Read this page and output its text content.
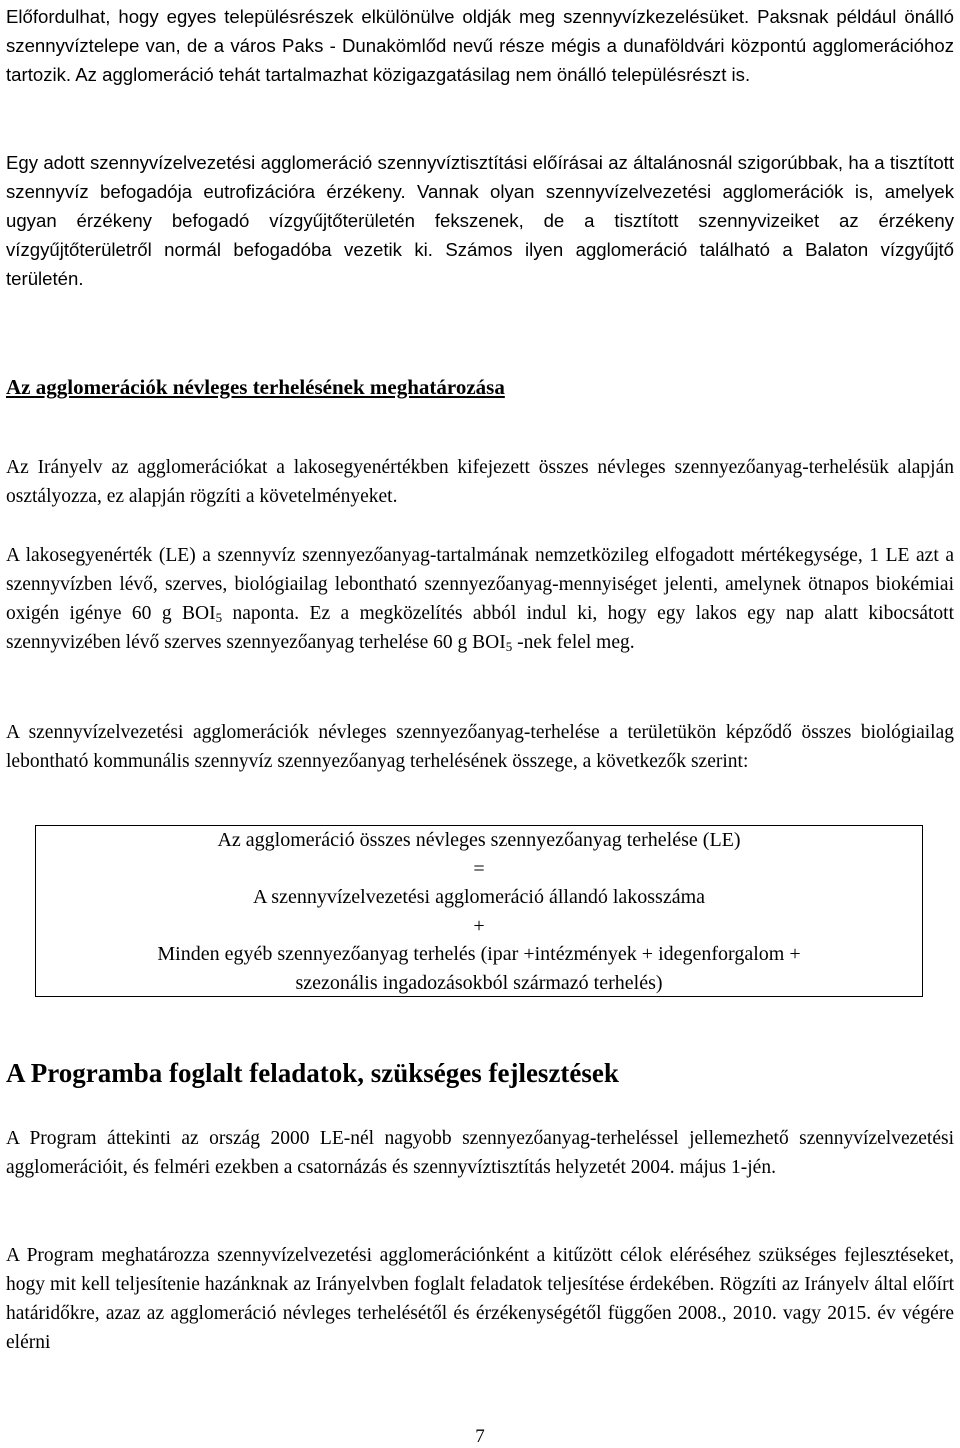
Előfordulhat, hogy egyes településrészek elkülönülve oldják meg szennyvízkezelésüket. Paksnak például önálló szennyvíztelepe van, de a város Paks - Dunakömlőd nevű része mégis a dunaföldvári központú agglomerációhoz tartozik. Az agglomeráció tehát tartalmazhat közigazgatásilag nem önálló településrészt is.

Egy adott szennyvízelvezetési agglomeráció szennyvíztisztítási előírásai az általánosnál szigorúbbak, ha a tisztított szennyvíz befogadója eutrofizációra érzékeny. Vannak olyan szennyvízelvezetési agglomerációk is, amelyek ugyan érzékeny befogadó vízgyűjtőterületén fekszenek, de a tisztított szennyvizeiket az érzékeny vízgyűjtőterületről normál befogadóba vezetik ki. Számos ilyen agglomeráció található a Balaton vízgyűjtő területén.

Az agglomerációk névleges terhelésének meghatározása

Az Irányelv az agglomerációkat a lakosegyenértékben kifejezett összes névleges szennyezőanyag-terhelésük alapján osztályozza, ez alapján rögzíti a követelményeket.

A lakosegyenérték (LE) a szennyvíz szennyezőanyag-tartalmának nemzetközileg elfogadott mértékegysége, 1 LE azt a szennyvízben lévő, szerves, biológiailag lebontható szennyezőanyag-mennyiséget jelenti, amelynek ötnapos biokémiai oxigén igénye 60 g $BOI_5$ naponta. Ez a megközelítés abból indul ki, hogy egy lakos egy nap alatt kibocsátott szennyvizében lévő szerves szennyezőanyag terhelése 60 g $BOI_5$ -nek felel meg.

A szennyvízelvezetési agglomerációk névleges szennyezőanyag-terhelése a területükön képződő összes biológiailag lebontható kommunális szennyvíz szennyezőanyag terhelésének összege, a következők szerint:

Az agglomeráció összes névleges szennyezőanyag terhelése (LE)
=
A szennyvízelvezetési agglomeráció állandó lakosszáma
+
Minden egyéb szennyezőanyag terhelés (ipar +intézmények + idegenforgalom +
szezonális ingadozásokból származó terhelés)
A Programba foglalt feladatok, szükséges fejlesztések

A Program áttekinti az ország 2000 LE-nél nagyobb szennyezőanyag-terheléssel jellemezhető szennyvízelvezetési agglomerációit, és felméri ezekben a csatornázás és szennyvíztisztítás helyzetét 2004. május 1-jén.

A Program meghatározza szennyvízelvezetési agglomerációnként a kitűzött célok eléréséhez szükséges fejlesztéseket, hogy mit kell teljesítenie hazánknak az Irányelvben foglalt feladatok teljesítése érdekében. Rögzíti az Irányelv által előírt határidőkre, azaz az agglomeráció névleges terhelésétől és érzékenységétől függően 2008., 2010. vagy 2015. év végére elérni

7
